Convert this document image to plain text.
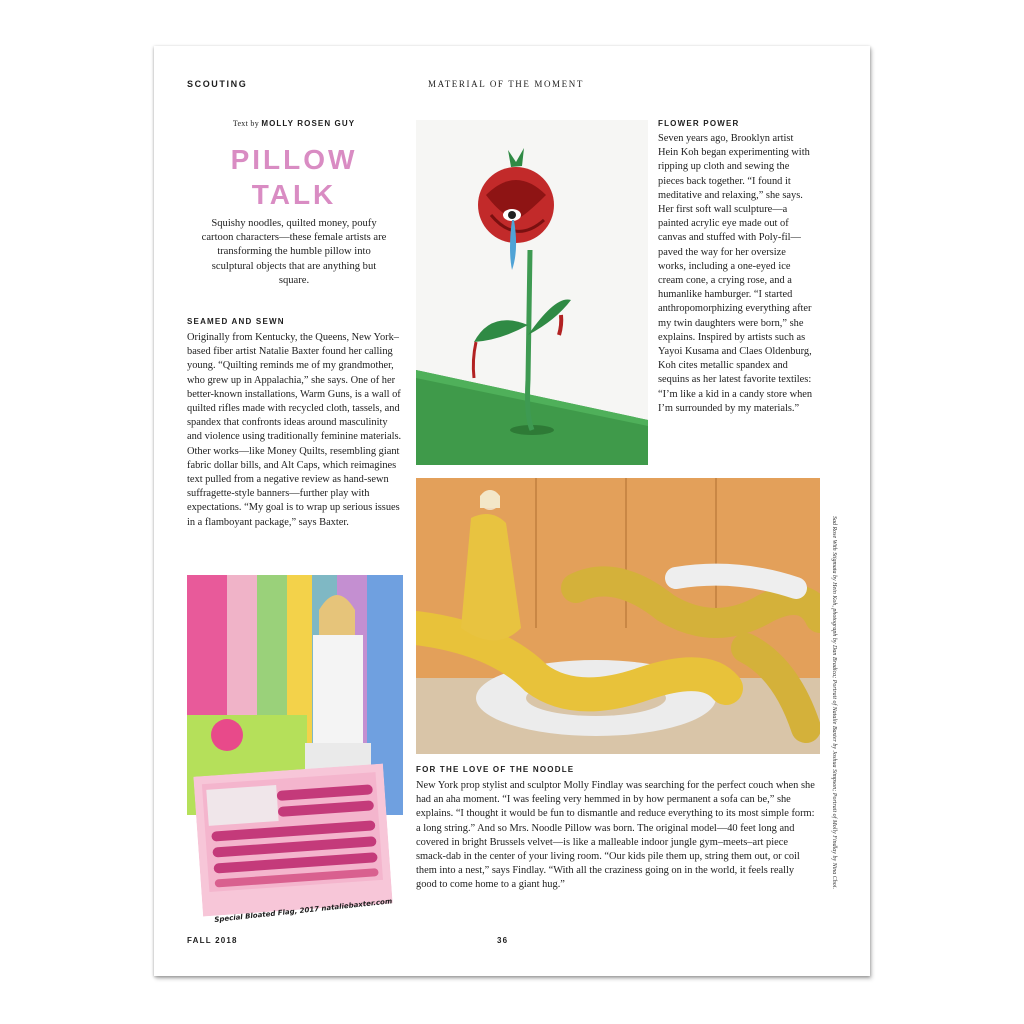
SCOUTING	MATERIAL OF THE MOMENT
Text by MOLLY ROSEN GUY
PILLOW
TALK
Squishy noodles, quilted money, poufy cartoon characters—these female artists are transforming the humble pillow into sculptural objects that are anything but square.
SEAMED AND SEWN
Originally from Kentucky, the Queens, New York–based fiber artist Natalie Baxter found her calling young. “Quilting reminds me of my grandmother, who grew up in Appalachia,” she says. One of her better-known installations, Warm Guns, is a wall of quilted rifles made with recycled cloth, tassels, and spandex that confronts ideas around masculinity and violence using traditionally feminine materials. Other works—like Money Quilts, resembling giant fabric dollar bills, and Alt Caps, which reimagines text pulled from a negative review as hand-sewn suffragette-style banners—further play with expectations. “My goal is to wrap up serious issues in a flamboyant package,” says Baxter.
FLOWER POWER
Seven years ago, Brooklyn artist Hein Koh began experimenting with ripping up cloth and sewing the pieces back together. “I found it meditative and relaxing,” she says. Her first soft wall sculpture—a painted acrylic eye made out of canvas and stuffed with Poly-fil—paved the way for her oversize works, including a one-eyed ice cream cone, a crying rose, and a humanlike hamburger. “I started anthropomorphizing everything after my twin daughters were born,” she explains. Inspired by artists such as Yayoi Kusama and Claes Oldenburg, Koh cites metallic spandex and sequins as her latest favorite textiles: “I’m like a kid in a candy store when I’m surrounded by my materials.”
FOR THE LOVE OF THE NOODLE
New York prop stylist and sculptor Molly Findlay was searching for the perfect couch when she had an aha moment. “I was feeling very hemmed in by how permanent a sofa can be,” she explains. “I thought it would be fun to dismantle and reduce everything to its most simple form: a long string.” And so Mrs. Noodle Pillow was born. The original model—40 feet long and covered in bright Brussels velvet—is like a malleable indoor jungle gym–meets–art piece smack-dab in the center of your living room. “Our kids pile them up, string them out, or coil them into a nest,” says Findlay. “With all the craziness going on in the world, it feels really good to come home to a giant hug.”
Special Bloated Flag, 2017 nataliebaxter.com
Sad Rose With Stigmata by Hein Koh, photograph by Dan Bradica; Portrait of Natalie Baxter by Joshua Simpson; Portrait of Molly Findlay by Nina Choi.
FALL 2018	36
